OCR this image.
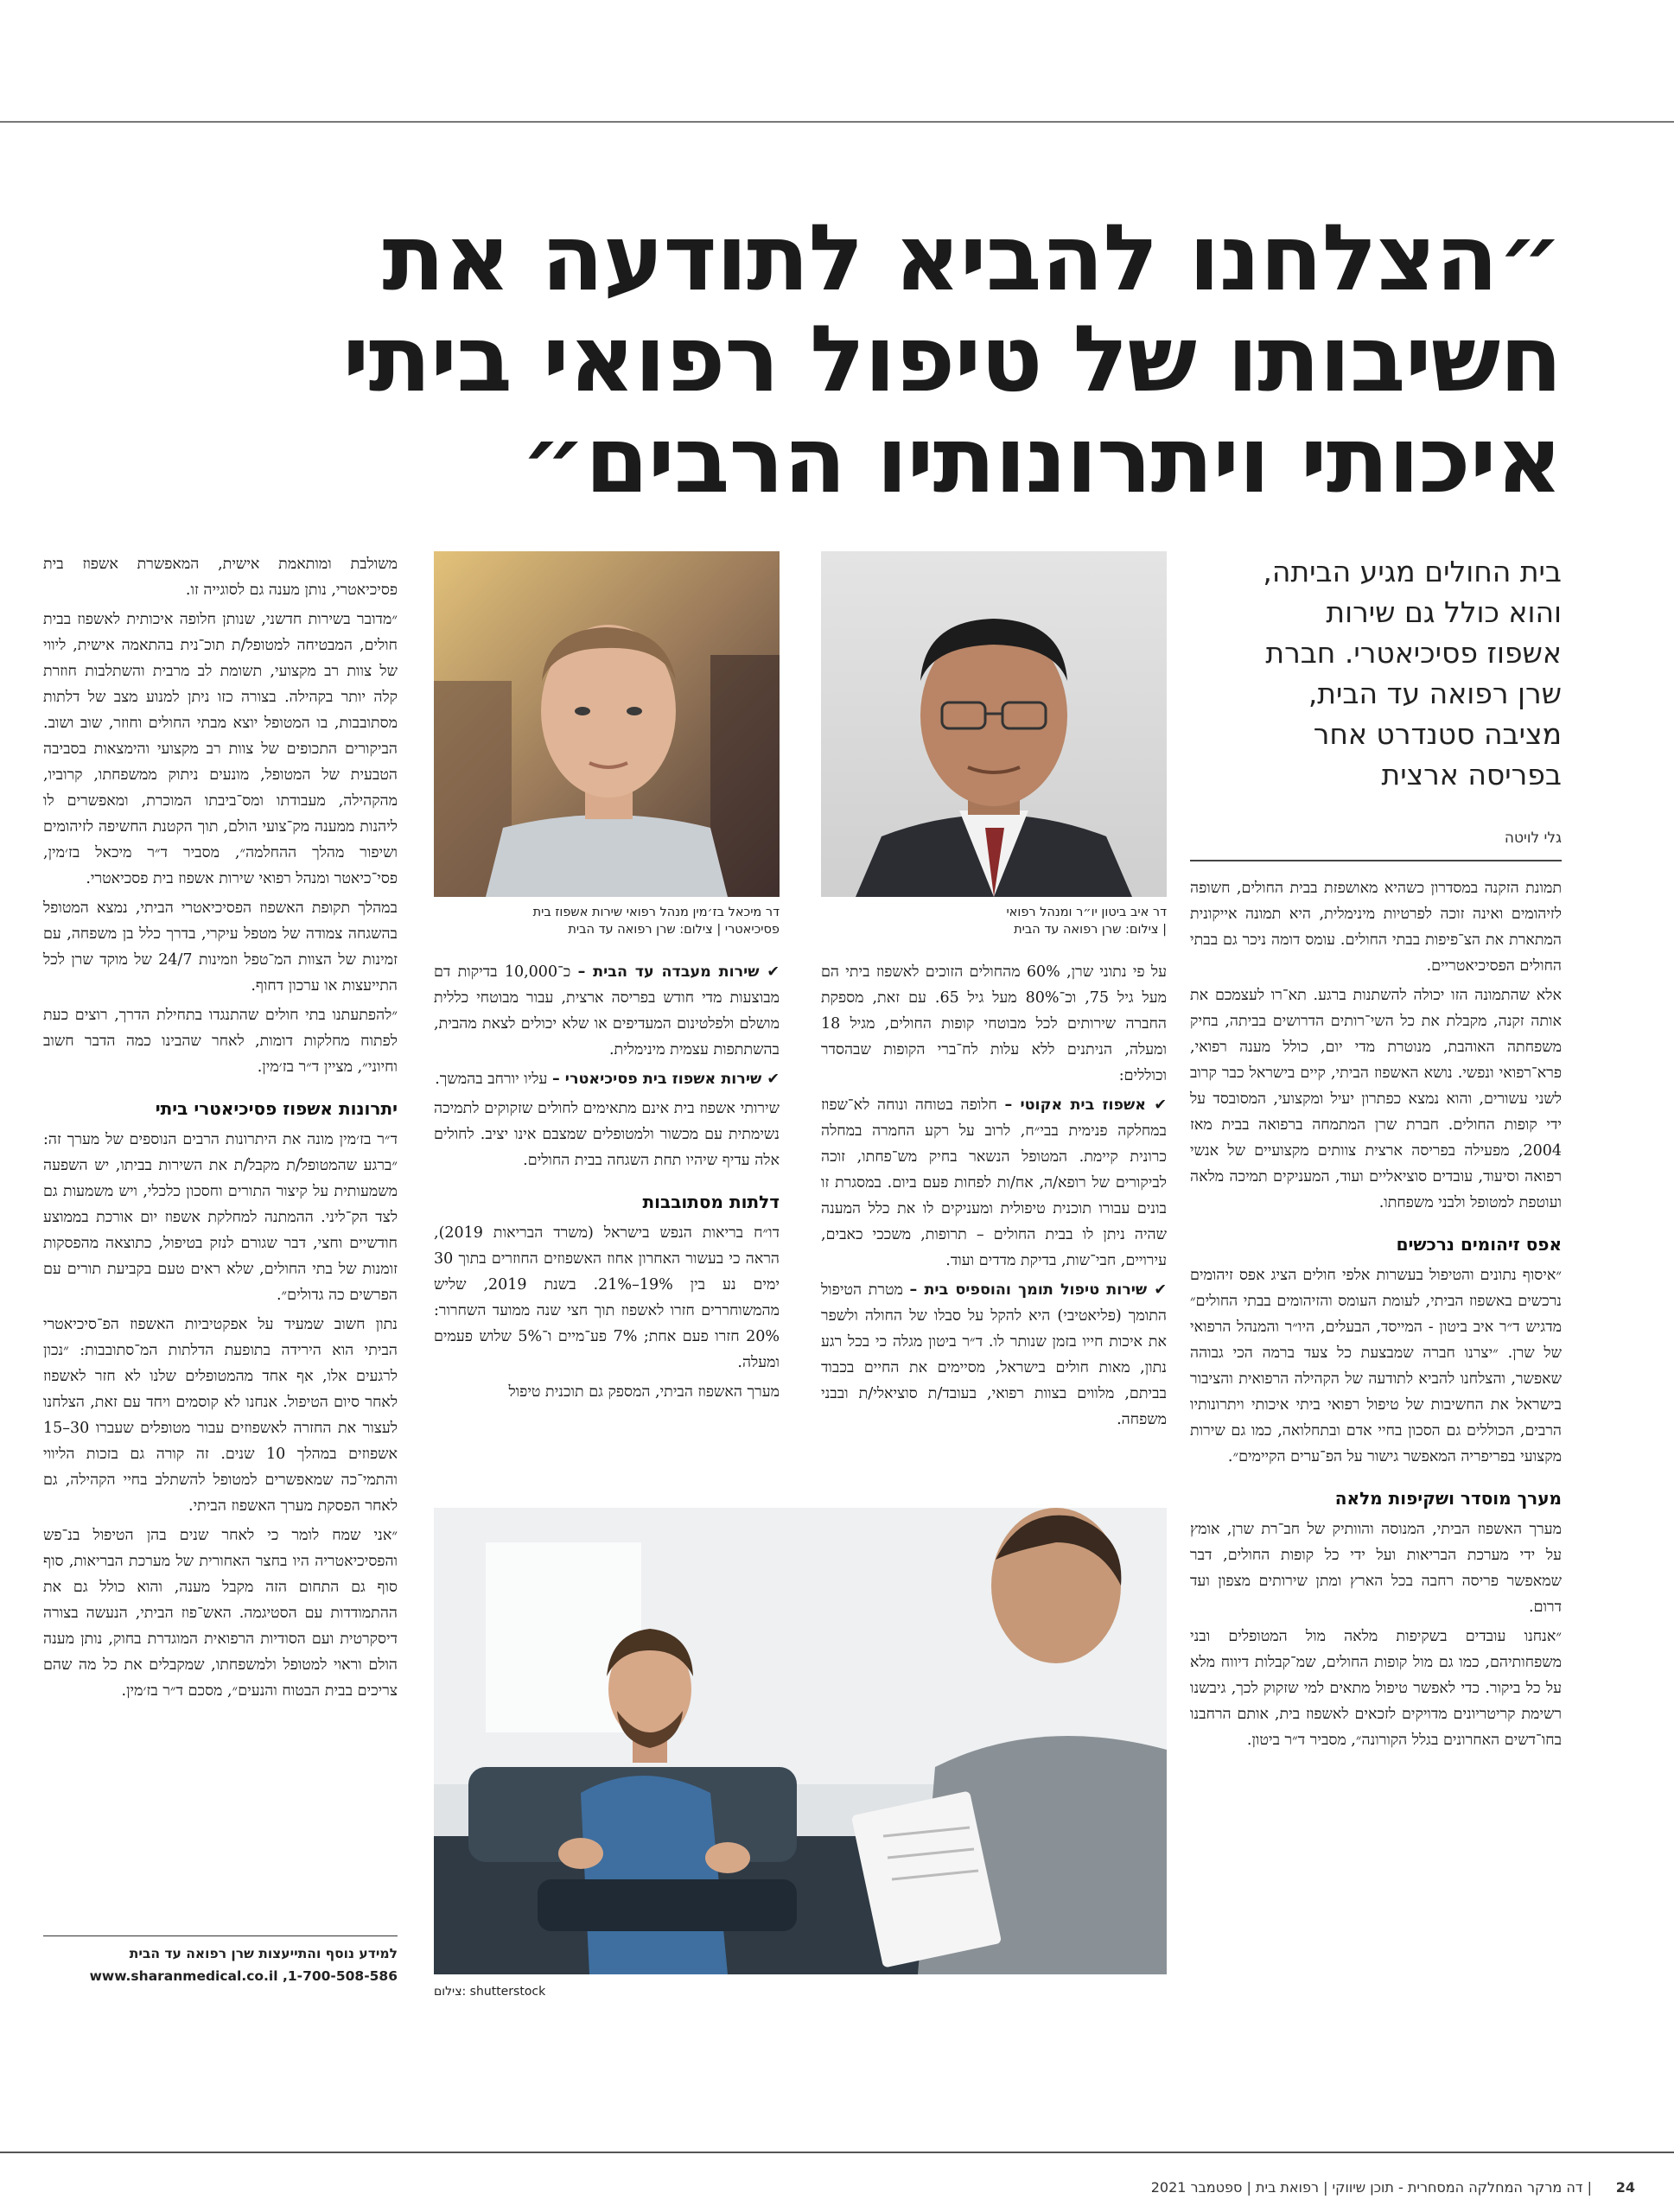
״הצלחנו להביא לתודעה את
חשיבותו של טיפול רפואי ביתי
איכותי ויתרונותיו הרבים״
בית החולים מגיע הביתה,
והוא כולל גם שירות
אשפוז פסיכיאטרי. חברת
שרן רפואה עד הבית,
מציבה סטנדרט אחר
בפריסה ארצית
גלי לויטה

תמונת הזקנה במסדרון כשהיא מאושפזת בבית החולים, חשופה לזיהומים ואינה זוכה לפרטיות מינימלית, היא תמונה אייקונית המתארת את הצ־פיפות בבתי החולים. עומס דומה ניכר גם בבתי החולים הפסיכיאטריים.

אלא שהתמונה הזו יכולה להשתנות ברגע. תא־רו לעצמכם את אותה זקנה, מקבלת את כל השי־רותים הדרושים בביתה, בחיק משפחתה האוהבת, מנוטרת מדי יום, כולל מענה רפואי, פרא־רפואי ונפשי. נושא האשפוז הביתי, קיים בישראל כבר קרוב לשני עשורים, והוא נמצא כפתרון יעיל ומקצועי, המסובסד על ידי קופות החולים. חברת שרן המתמחה ברפואה בבית מאז 2004, מפעילה בפריסה ארצית צוותים מקצועיים של אנשי רפואה וסיעוד, עובדים סוציאליים ועוד, המעניקים תמיכה מלאה ועוטפת למטופל ולבני משפחתו.

אפס זיהומים נרכשים

״איסוף נתונים והטיפול בעשרות אלפי חולים הציג אפס זיהומים נרכשים באשפוז הביתי, לעומת העומס והזיהומים בבתי החולים״ מדגיש ד״ר איב ביטון - המייסד, הבעלים, היו״ר והמנהל הרפואי של שרן. ״יצרנו חברה שמבצעת כל צעד ברמה הכי גבוהה שאפשר, והצלחנו להביא לתודעה של הקהילה הרפואית והציבור בישראל את החשיבות של טיפול רפואי ביתי איכותי ויתרונותיו הרבים, הכוללים גם הסכון בחיי אדם ובתחלואה, כמו גם שירות מקצועי בפריפריה המאפשר גישור על הפ־ערים הקיימים״.

מערך מוסדר ושקיפות מלאה

מערך האשפוז הביתי, המנוסה והוותיק של חב־רת שרן, אומץ על ידי מערכת הבריאות ועל ידי כל קופות החולים, דבר שמאפשר פריסה רחבה בכל הארץ ומתן שירותים מצפון ועד דרום.

״אנחנו עובדים בשקיפות מלאה מול המטופלים ובני משפחותיהם, כמו גם מול קופות החולים, שמ־קבלות דיווח מלא על כל ביקור. כדי לאפשר טיפול מתאים למי שזקוק לכך, גיבשנו רשימת קריטריונים מדויקים לזכאים לאשפוז בית, אותם הרחבנו בחו־דשים האחרונים בגלל הקורונה״, מסביר ד״ר ביטון.

דר איב ביטון יו״ר ומנהל רפואי
| צילום: שרן רפואה עד הבית
דר מיכאל בז׳מין מנהל רפואי שירות אשפוז בית
פסיכיאטרי | צילום: שרן רפואה עד הבית

על פי נתוני שרן, 60% מהחולים הזוכים לאשפוז ביתי הם מעל גיל 75, וכ־80% מעל גיל 65. עם זאת, מספקת החברה שירותים לכל מבוטחי קופות החולים, מגיל 18 ומעלה, הניתנים ללא עלות לח־ברי הקופות שבהסדר וכוללים:

✔ אשפוז בית אקוטי – חלופה בטוחה ונוחה לא־שפוז במחלקה פנימית בבי״ח, לרוב על רקע החמרה במחלה כרונית קיימת. המטופל הנשאר בחיק מש־פחתו, זוכה לביקורים של רופא/ה, אח/ות לפחות פעם ביום. במסגרת זו בונים עבורו תוכנית טיפולית ומעניקים לו את כלל המענה שהיה ניתן לו בבית החולים – תרופות, משככי כאבים, עירויים, חבי־שות, בדיקת מדדים ועוד.

✔ שירות טיפול תומך והוספיס בית – מטרת הטיפול התומך (פליאטיבי) היא להקל על סבלו של החולה ולשפר את איכות חייו בזמן שנותר לו. ד״ר ביטון מגלה כי בכל רגע נתון, מאות חולים בישראל, מסיימים את החיים בכבוד בביתם, מלווים בצוות רפואי, בעובד/ת סוציאלי/ת ובבני משפחה.

✔ שירות מעבדה עד הבית – כ־10,000 בדיקות דם מבוצעות מדי חודש בפריסה ארצית, עבור מבוטחי כללית מושלם ולפלטינום המעדיפים או שלא יכולים לצאת מהבית, בהשתתפות עצמית מינימלית.

✔ שירות אשפוז בית פסיכיאטרי – עליו יורחב בהמשך.

שירותי אשפוז בית אינם מתאימים לחולים שזקוקים לתמיכה נשימתית עם מכשור ולמטופלים שמצבם אינו יציב. לחולים אלה עדיף שיהיו תחת השגחה בבית החולים.

דלתות מסתובבות

דו״ח בריאות הנפש בישראל (משרד הבריאות 2019), הראה כי בעשור האחרון אחוז האשפוזים החוזרים בתוך 30 ימים נע בין 19%–21%. בשנת 2019, שליש מהמשוחררים חזרו לאשפוז תוך חצי שנה ממועד השחרור: 20% חזרו פעם אחת; 7% פע־מיים ו־5% שלוש פעמים ומעלה.

מערך האשפוז הביתי, המספק גם תוכנית טיפול

צילום: shutterstock

משולבת ומותאמת אישית, המאפשרת אשפוז בית פסיכיאטרי, נותן מענה גם לסוגייה זו.

״מדובר בשירות חדשני, שנותן חלופה איכותית לאשפוז בבית חולים, המבטיחה למטופל/ת תוכ־נית בהתאמה אישית, ליווי של צוות רב מקצועי, תשומת לב מרבית והשתלבות חוזרת קלה יותר בקהילה. בצורה כזו ניתן למנוע מצב של דלתות מסתובבות, בו המטופל יוצא מבתי החולים וחוזר, שוב ושוב. הביקורים התכופים של צוות רב מקצועי והימצאות בסביבה הטבעית של המטופל, מונעים ניתוק ממשפחתו, קרוביו, מהקהילה, מעבודתו ומס־ביבתו המוכרת, ומאפשרים לו ליהנות ממענה מק־צועי הולם, תוך הקטנת החשיפה לזיהומים ושיפור מהלך ההחלמה״, מסביר ד״ר מיכאל בז׳מין, פסי־כיאטר ומנהל רפואי שירות אשפוז בית פסכיאטרי.

במהלך תקופת האשפוז הפסיכיאטרי הביתי, נמצא המטופל בהשגחה צמודה של מטפל עיקרי, בדרך כלל בן משפחה, עם זמינות של הצוות המ־טפל וזמינות 24/7 של מוקד שרן לכל התייעצות או ערכון דחוף.

״להפתעתנו בתי חולים שהתנגדו בתחילת הדרך, רוצים כעת לפתוח מחלקות דומות, לאחר שהבינו כמה הדבר חשוב וחיוני״, מציין ד״ר בז׳מין.

יתרונות אשפוז פסיכיאטרי ביתי

ד״ר בז׳מין מונה את היתרונות הרבים הנוספים של מערך זה: ״ברגע שהמטופל/ת מקבל/ת את השירות בביתו, יש השפעה משמעותית על קיצור התורים וחסכון כלכלי, ויש משמעות גם לצד הק־ליני. ההמתנה למחלקת אשפוז יום אורכת בממוצע חודשיים וחצי, דבר שגורם לנזק בטיפול, כתוצאה מהפסקות זומנות של בתי החולים, שלא ראים טעם בקביעת תורים עם הפרשים כה גדולים״.

נתון חשוב שמעיד על אפקטיביות האשפוז הפ־סיכיאטרי הביתי הוא הירידה בתופעת הדלתות המ־סתובבות: ״נכון לרגעים אלו, אף אחד מהמטופלים שלנו לא חזר לאשפוז לאחר סיום הטיפול. אנחנו לא קוסמים ויחד עם זאת, הצלחנו לעצור את החזרה לאשפוזים עבור מטופלים שעברו 30–15 אשפוזים במהלך 10 שנים. זה קורה גם בזכות הליווי והתמי־כה שמאפשרים למטופל להשתלב בחיי הקהילה, גם לאחר הפסקת מערך האשפוז הביתי.

״אני שמח לומר כי לאחר שנים בהן הטיפול בנ־פש והפסיכיאטריה היו בחצר האחורית של מערכת הבריאות, סוף סוף גם התחום הזה מקבל מענה, והוא כולל גם את ההתמודדות עם הסטיגמה. האש־פוז הביתי, הנעשה בצורה דיסקרטית ועם הסודיות הרפואית המוגדרת בחוק, נותן מענה הולם וראוי למטופל ולמשפחתו, שמקבלים את כל מה שהם צריכים בבית הבטוח והנעים״, מסכם ד״ר בז׳מין.

למידע נוסף והתייעצות שרן רפואה עד הבית
www.sharanmedical.co.il ,1-700-508-586
24
| דה מרקר המחלקה המסחרית - תוכן שיווקי | רפואת בית | ספטמבר 2021
